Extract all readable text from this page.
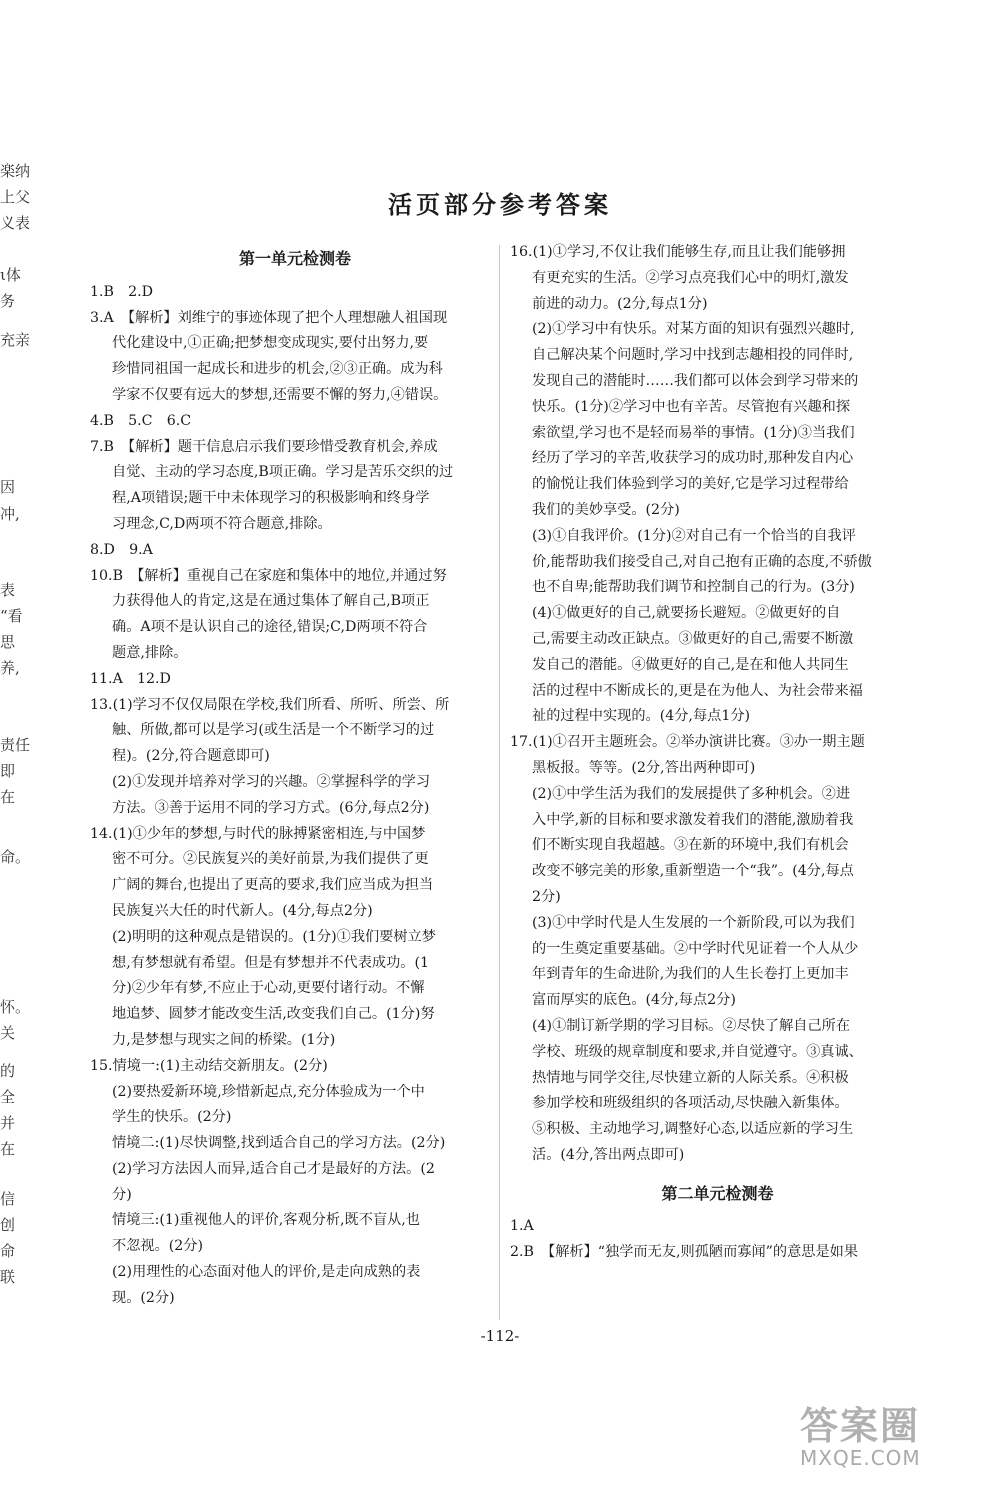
楽纳
上父
义表
ι体
务
充亲
因
冲,
表
“看
思
养,
责任
即
在
命。
怀。
关
的
全
并
在
信
创
命
联
活页部分参考答案
第一单元检测卷
1.B　2.D
3.A　【解析】刘维宁的事迹体现了把个人理想融人祖国现
代化建设中,①正确;把梦想变成现实,要付出努力,要
珍惜同祖国一起成长和进步的机会,②③正确。成为科
学家不仅要有远大的梦想,还需要不懈的努力,④错误。
4.B　5.C　6.C
7.B　【解析】题干信息启示我们要珍惜受教育机会,养成
自觉、主动的学习态度,B项正确。学习是苦乐交织的过
程,A项错误;题干中未体现学习的积极影响和终身学
习理念,C,D两项不符合题意,排除。
8.D　9.A
10.B　【解析】重视自己在家庭和集体中的地位,并通过努
力获得他人的肯定,这是在通过集体了解自己,B项正
确。A项不是认识自己的途径,错误;C,D两项不符合
题意,排除。
11.A　12.D
13.(1)学习不仅仅局限在学校,我们所看、所听、所尝、所
触、所做,都可以是学习(或生活是一个不断学习的过
程)。(2分,符合题意即可)
(2)①发现并培养对学习的兴趣。②掌握科学的学习
方法。③善于运用不同的学习方式。(6分,每点2分)
14.(1)①少年的梦想,与时代的脉搏紧密相连,与中国梦
密不可分。②民族复兴的美好前景,为我们提供了更
广阔的舞台,也提出了更高的要求,我们应当成为担当
民族复兴大任的时代新人。(4分,每点2分)
(2)明明的这种观点是错误的。(1分)①我们要树立梦
想,有梦想就有希望。但是有梦想并不代表成功。(1
分)②少年有梦,不应止于心动,更要付诸行动。不懈
地追梦、圆梦才能改变生活,改变我们自己。(1分)努
力,是梦想与现实之间的桥梁。(1分)
15.情境一:(1)主动结交新朋友。(2分)
(2)要热爱新环境,珍惜新起点,充分体验成为一个中
学生的快乐。(2分)
情境二:(1)尽快调整,找到适合自己的学习方法。(2分)
(2)学习方法因人而异,适合自己才是最好的方法。(2
分)
情境三:(1)重视他人的评价,客观分析,既不盲从,也
不忽视。(2分)
(2)用理性的心态面对他人的评价,是走向成熟的表
现。(2分)
16.(1)①学习,不仅让我们能够生存,而且让我们能够拥
有更充实的生活。②学习点亮我们心中的明灯,激发
前进的动力。(2分,每点1分)
(2)①学习中有快乐。对某方面的知识有强烈兴趣时,
自己解决某个问题时,学习中找到志趣相投的同伴时,
发现自己的潜能时……我们都可以体会到学习带来的
快乐。(1分)②学习中也有辛苦。尽管抱有兴趣和探
索欲望,学习也不是轻而易举的事情。(1分)③当我们
经历了学习的辛苦,收获学习的成功时,那种发自内心
的愉悦让我们体验到学习的美好,它是学习过程带给
我们的美妙享受。(2分)
(3)①自我评价。(1分)②对自己有一个恰当的自我评
价,能帮助我们接受自己,对自己抱有正确的态度,不骄傲
也不自卑;能帮助我们调节和控制自己的行为。(3分)
(4)①做更好的自己,就要扬长避短。②做更好的自
己,需要主动改正缺点。③做更好的自己,需要不断激
发自己的潜能。④做更好的自己,是在和他人共同生
活的过程中不断成长的,更是在为他人、为社会带来福
祉的过程中实现的。(4分,每点1分)
17.(1)①召开主题班会。②举办演讲比赛。③办一期主题
黑板报。等等。(2分,答出两种即可)
(2)①中学生活为我们的发展提供了多种机会。②进
入中学,新的目标和要求激发着我们的潜能,激励着我
们不断实现自我超越。③在新的环境中,我们有机会
改变不够完美的形象,重新塑造一个“我”。(4分,每点
2分)
(3)①中学时代是人生发展的一个新阶段,可以为我们
的一生奠定重要基础。②中学时代见证着一个人从少
年到青年的生命进阶,为我们的人生长卷打上更加丰
富而厚实的底色。(4分,每点2分)
(4)①制订新学期的学习目标。②尽快了解自己所在
学校、班级的规章制度和要求,并自觉遵守。③真诚、
热情地与同学交往,尽快建立新的人际关系。④积极
参加学校和班级组织的各项活动,尽快融入新集体。
⑤积极、主动地学习,调整好心态,以适应新的学习生
活。(4分,答出两点即可)
第二单元检测卷
1.A
2.B　【解析】“独学而无友,则孤陋而寡闻”的意思是如果
-112-
答案圈
MXQE.COM
